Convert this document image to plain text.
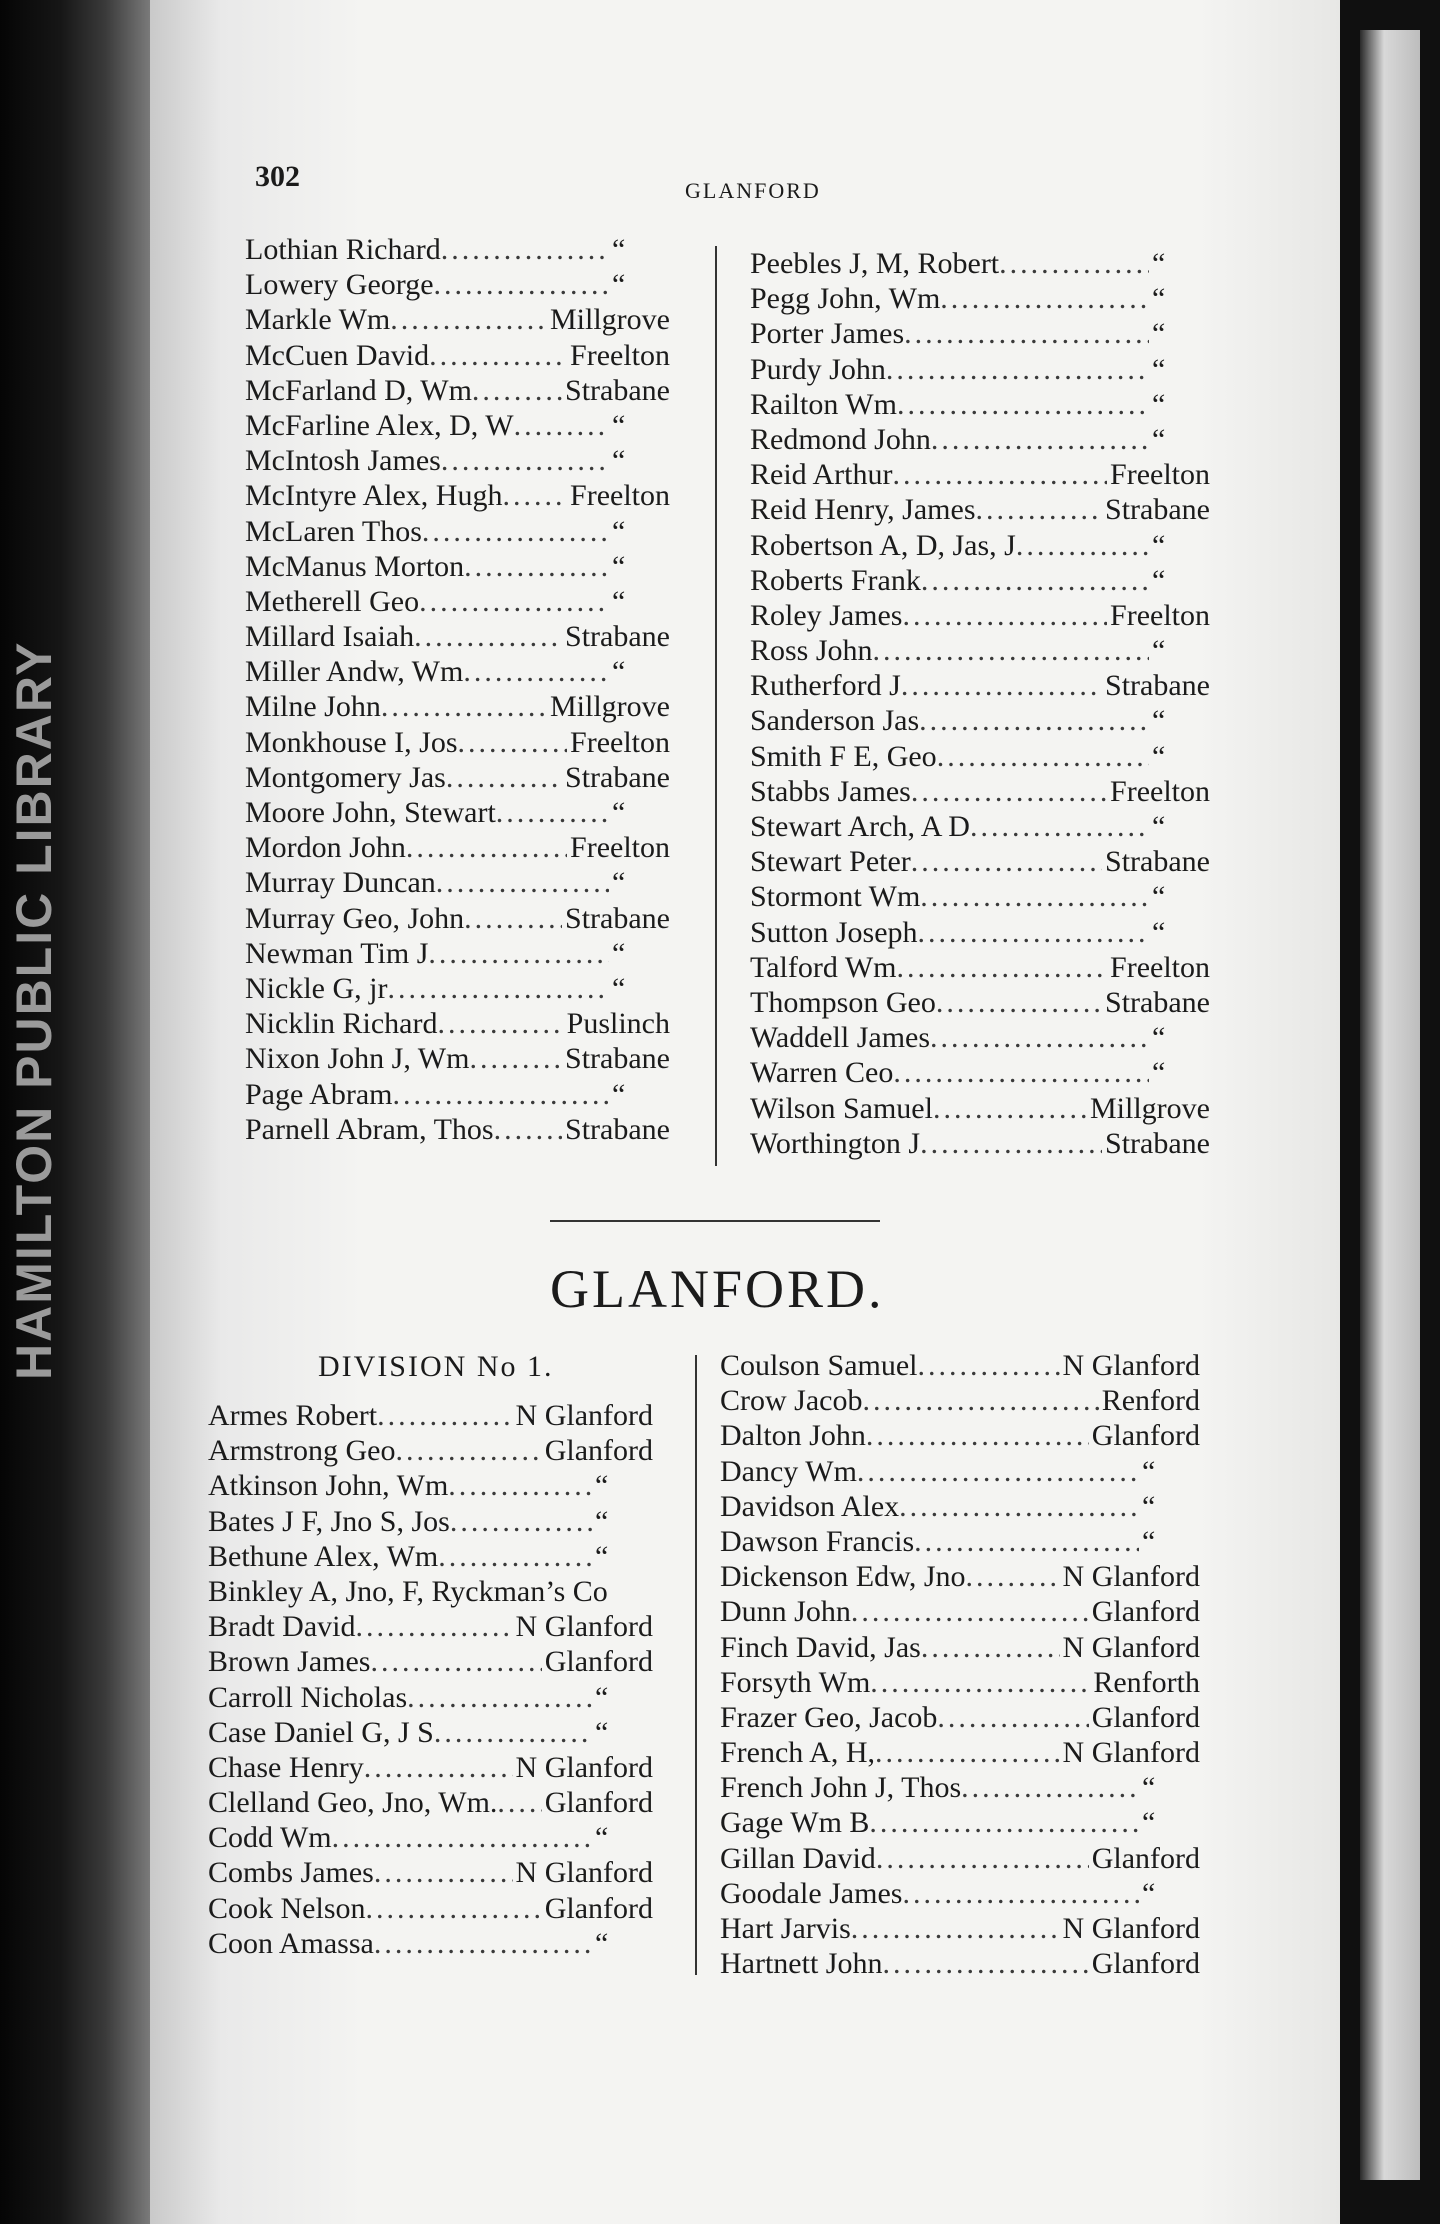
HAMILTON PUBLIC LIBRARY
302	GLANFORD
Lothian Richard .....	“
Lowery George .....	“
Markle Wm .....	Millgrove
McCuen David .....	Freelton
McFarland D, Wm .....	Strabane
McFarline Alex, D, W .....	“
McIntosh James .....	“
McIntyre Alex, Hugh ..... Freelton
McLaren Thos .....	“
McManus Morton .....	“
Metherell Geo .....	“
Millard Isaiah .....	Strabane
Miller Andw, Wm .....	“
Milne John .....	Millgrove
Monkhouse I, Jos .....	Freelton
Montgomery Jas .....	Strabane
Moore John, Stewart .....	“
Mordon John .....	Freelton
Murray Duncan .....	“
Murray Geo, John .....	Strabane
Newman Tim J .....	“
Nickle G, jr .....	“
Nicklin Richard .....	Puslinch
Nixon John J, Wm .....	Strabane
Page Abram .....	“
Parnell Abram, Thos ..... Strabane
Peebles J, M, Robert .....	“
Pegg John, Wm .....	“
Porter James .....	“
Purdy John .....	“
Railton Wm .....	“
Redmond John .....	“
Reid Arthur .....	Freelton
Reid Henry, James .....	Strabane
Robertson A, D, Jas, J .....	“
Roberts Frank .....	“
Roley James .....	Freelton
Ross John .....	“
Rutherford J .....	Strabane
Sanderson Jas .....	“
Smith F E, Geo .....	“
Stabbs James .....	Freelton
Stewart Arch, A D .....	“
Stewart Peter .....	Strabane
Stormont Wm .....	“
Sutton Joseph .....	“
Talford Wm .....	Freelton
Thompson Geo .....	Strabane
Waddell James .....	“
Warren Ceo .....	“
Wilson Samuel .....	Millgrove
Worthington J .....	Strabane
GLANFORD.
DIVISION No 1.
Armes Robert .....	N Glanford
Armstrong Geo .....	Glanford
Atkinson John, Wm .....	“
Bates J F, Jno S, Jos .....	“
Bethune Alex, Wm .....	“
Binkley A, Jno, F, Ryckman’s Co
Bradt David .....	N Glanford
Brown James .....	Glanford
Carroll Nicholas .....	“
Case Daniel G, J S .....	“
Chase Henry .....	N Glanford
Clelland Geo, Jno, Wm. ..... Glanford
Codd Wm .....	“
Combs James .....	N Glanford
Cook Nelson .....	Glanford
Coon Amassa .....	“
Coulson Samuel .....	N Glanford
Crow Jacob .....	Renford
Dalton John .....	Glanford
Dancy Wm .....	“
Davidson Alex .....	“
Dawson Francis .....	“
Dickenson Edw, Jno .....	N Glanford
Dunn John .....	Glanford
Finch David, Jas .....	N Glanford
Forsyth Wm .....	Renforth
Frazer Geo, Jacob .....	Glanford
French A, H, .....	N Glanford
French John J, Thos .....	“
Gage Wm B .....	“
Gillan David .....	Glanford
Goodale James .....	“
Hart Jarvis .....	N Glanford
Hartnett John .....	Glanford
